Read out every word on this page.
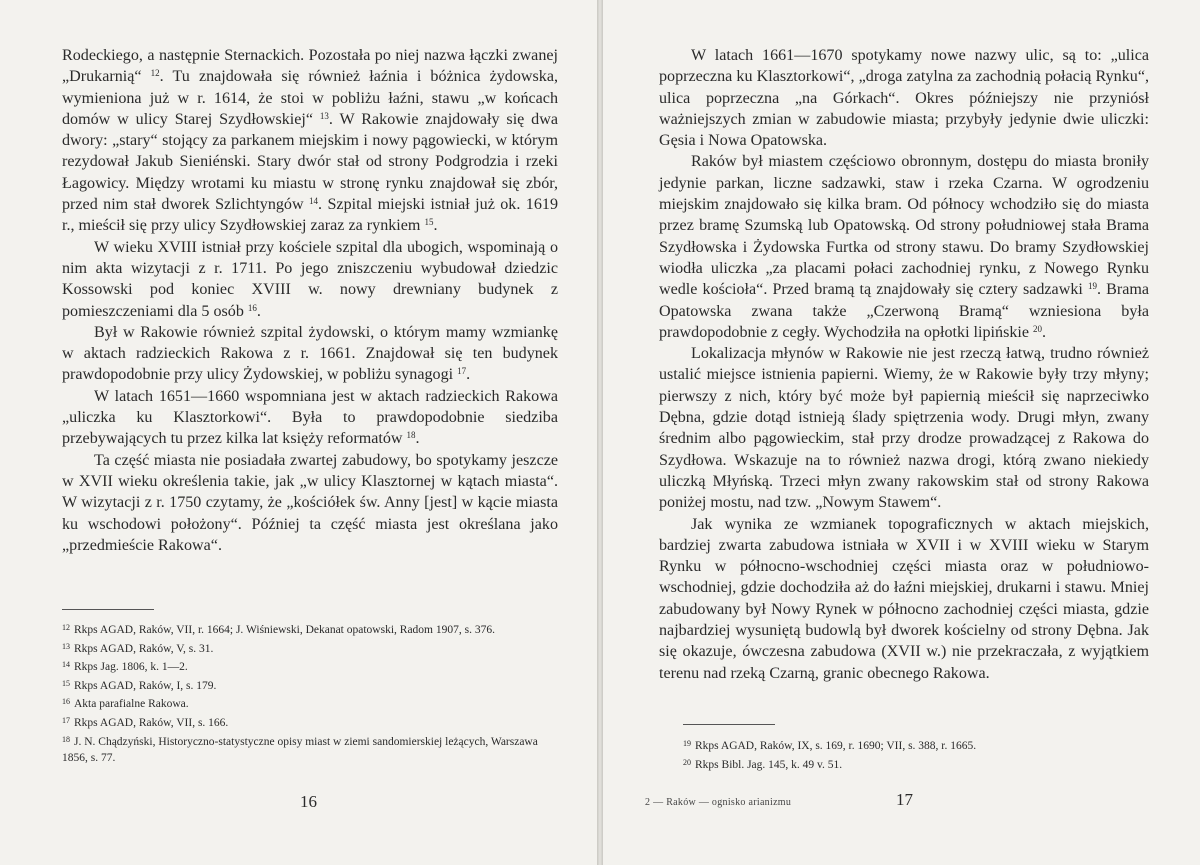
Rodeckiego, a następnie Sternackich. Pozostała po niej nazwa łączki zwanej „Drukarnią“ $^{12}$. Tu znajdowała się również łaźnia i bóżnica żydowska, wymieniona już w r. 1614, że stoi w pobliżu łaźni, stawu „w końcach domów w ulicy Starej Szydłowskiej“ $^{13}$. W Rakowie znajdowały się dwa dwory: „stary“ stojący za parkanem miejskim i nowy pągowiecki, w którym rezydował Jakub Sieniénski. Stary dwór stał od strony Podgrodzia i rzeki Łagowicy. Między wrotami ku miastu w stronę rynku znajdował się zbór, przed nim stał dworek Szlichtyngów $^{14}$. Szpital miejski istniał już ok. 1619 r., mieścił się przy ulicy Szydłowskiej zaraz za rynkiem $^{15}$.

W wieku XVIII istniał przy kościele szpital dla ubogich, wspominają o nim akta wizytacji z r. 1711. Po jego zniszczeniu wybudował dziedzic Kossowski pod koniec XVIII w. nowy drewniany budynek z pomieszczeniami dla 5 osób $^{16}$.

Był w Rakowie również szpital żydowski, o którym mamy wzmiankę w aktach radzieckich Rakowa z r. 1661. Znajdował się ten budynek prawdopodobnie przy ulicy Żydowskiej, w pobliżu synagogi $^{17}$.

W latach 1651—1660 wspomniana jest w aktach radzieckich Rakowa „uliczka ku Klasztorkowi“. Była to prawdopodobnie siedziba przebywających tu przez kilka lat księży reformatów $^{18}$.

Ta część miasta nie posiadała zwartej zabudowy, bo spotykamy jeszcze w XVII wieku określenia takie, jak „w ulicy Klasztornej w kątach miasta“. W wizytacji z r. 1750 czytamy, że „kościółek św. Anny [jest] w kącie miasta ku wschodowi położony“. Później ta część miasta jest określana jako „przedmieście Rakowa“.

$^{12}$ Rkps AGAD, Raków, VII, r. 1664; J. Wiśniewski, Dekanat opatowski, Radom 1907, s. 376.
$^{13}$ Rkps AGAD, Raków, V, s. 31.
$^{14}$ Rkps Jag. 1806, k. 1—2.
$^{15}$ Rkps AGAD, Raków, I, s. 179.
$^{16}$ Akta parafialne Rakowa.
$^{17}$ Rkps AGAD, Raków, VII, s. 166.
$^{18}$ J. N. Chądzyński, Historyczno-statystyczne opisy miast w ziemi sandomierskiej leżących, Warszawa 1856, s. 77.
16

W latach 1661—1670 spotykamy nowe nazwy ulic, są to: „ulica poprzeczna ku Klasztorkowi“, „droga zatylna za zachodnią połacią Rynku“, ulica poprzeczna „na Górkach“. Okres późniejszy nie przyniósł ważniejszych zmian w zabudowie miasta; przybyły jedynie dwie uliczki: Gęsia i Nowa Opatowska.

Raków był miastem częściowo obronnym, dostępu do miasta broniły jedynie parkan, liczne sadzawki, staw i rzeka Czarna. W ogrodzeniu miejskim znajdowało się kilka bram. Od północy wchodziło się do miasta przez bramę Szumską lub Opatowską. Od strony południowej stała Brama Szydłowska i Żydowska Furtka od strony stawu. Do bramy Szydłowskiej wiodła uliczka „za placami połaci zachodniej rynku, z Nowego Rynku wedle kościoła“. Przed bramą tą znajdowały się cztery sadzawki $^{19}$. Brama Opatowska zwana także „Czerwoną Bramą“ wzniesiona była prawdopodobnie z cegły. Wychodziła na opłotki lipińskie $^{20}$.

Lokalizacja młynów w Rakowie nie jest rzeczą łatwą, trudno również ustalić miejsce istnienia papierni. Wiemy, że w Rakowie były trzy młyny; pierwszy z nich, który być może był papiernią mieścił się naprzeciwko Dębna, gdzie dotąd istnieją ślady spiętrzenia wody. Drugi młyn, zwany średnim albo pągowieckim, stał przy drodze prowadzącej z Rakowa do Szydłowa. Wskazuje na to również nazwa drogi, którą zwano niekiedy uliczką Młyńską. Trzeci młyn zwany rakowskim stał od strony Rakowa poniżej mostu, nad tzw. „Nowym Stawem“.

Jak wynika ze wzmianek topograficznych w aktach miejskich, bardziej zwarta zabudowa istniała w XVII i w XVIII wieku w Starym Rynku w północno-wschodniej części miasta oraz w południowo-wschodniej, gdzie dochodziła aż do łaźni miejskiej, drukarni i stawu. Mniej zabudowany był Nowy Rynek w północno zachodniej części miasta, gdzie najbardziej wysuniętą budowlą był dworek kościelny od strony Dębna. Jak się okazuje, ówczesna zabudowa (XVII w.) nie przekraczała, z wyjątkiem terenu nad rzeką Czarną, granic obecnego Rakowa.

$^{19}$ Rkps AGAD, Raków, IX, s. 169, r. 1690; VII, s. 388, r. 1665.
$^{20}$ Rkps Bibl. Jag. 145, k. 49 v. 51.
2 — Raków — ognisko arianizmu	17
